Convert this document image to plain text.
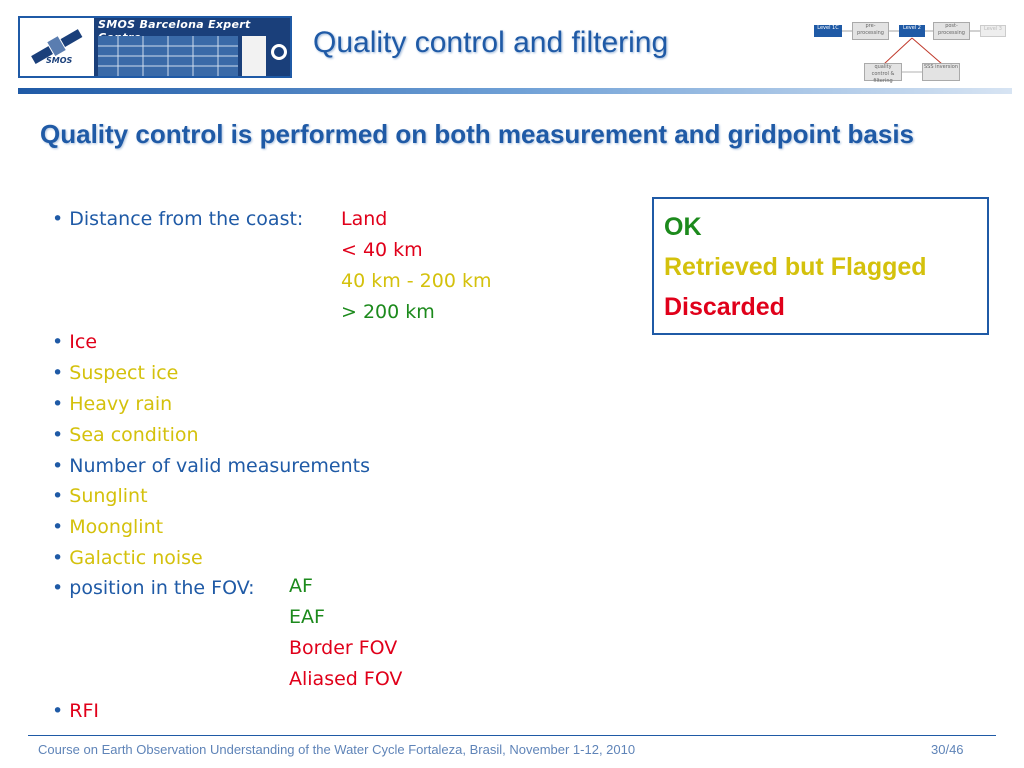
SMOS
SMOS Barcelona Expert
Quality control and filtering	Level 1C	pre-processing
Level 2	post-processing
Level 3
quality control & filtering
SSS inversion
Quality control is performed on both measurement and gridpoint basis
• Distance from the coast: Land
< 40 km
40 km - 200 km
> 200 km
• Ice
• Suspect ice
• Heavy rain
• Sea condition
• Number of valid measurements
• Sunglint
• Moonglint
• Galactic noise
• position in the FOV: AF
EAF
Border FOV
Aliased FOV
• RFI
OK
Retrieved but Flagged
Discarded
Course on Earth Observation Understanding of the Water Cycle Fortaleza, Brasil, November 1-12, 2010	30/46
